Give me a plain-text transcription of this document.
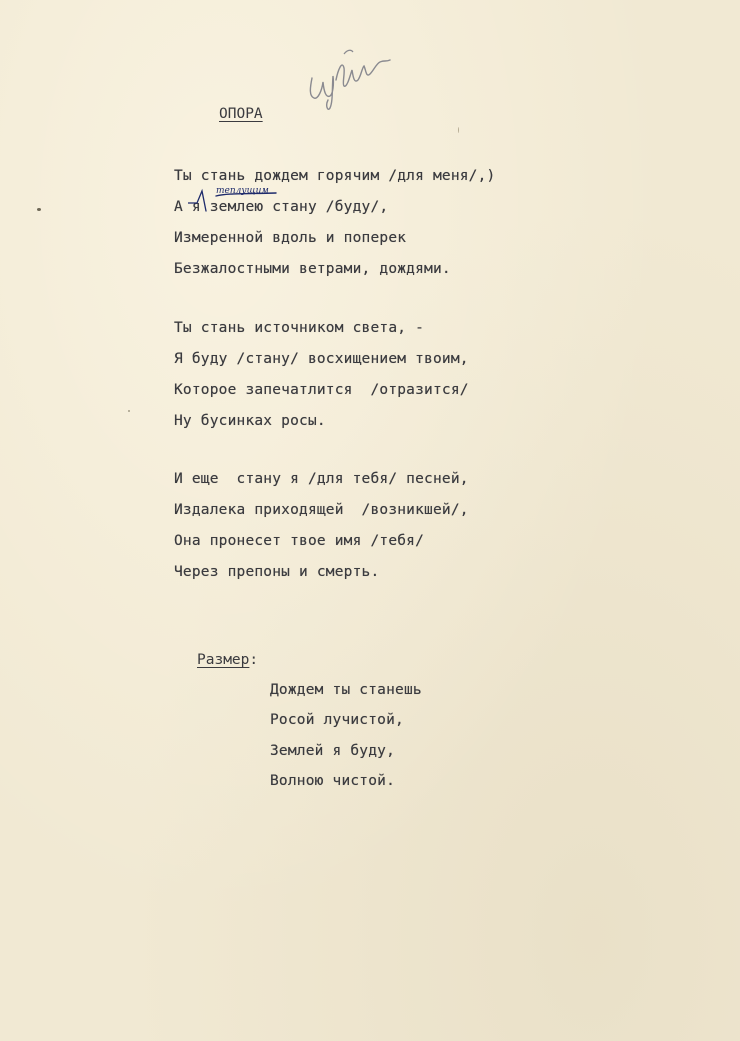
ОПОРА
Ты стань дождем горячим /для меня/,)
А я землею стану /буду/,
Измеренной вдоль и поперек
Безжалостными ветрами, дождями.
теплущим
Ты стань источником света, -
Я буду /стану/ восхищением твоим,
Которое запечатлится  /отразится/
Ну бусинках росы.
И еще  стану я /для тебя/ песней,
Издалека приходящей  /возникшей/,
Она пронесет твое имя /тебя/
Через препоны и смерть.
Размер:
Дождем ты станешь
Росой лучистой,
Землей я буду,
Волною чистой.
